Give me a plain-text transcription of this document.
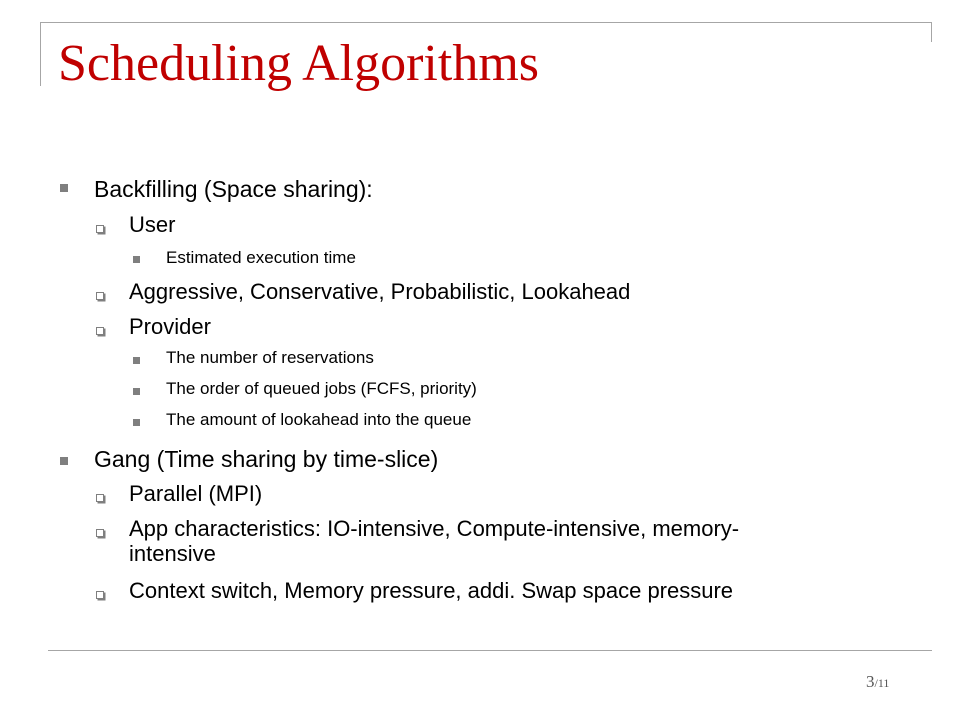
Scheduling Algorithms
Backfilling (Space sharing):
User
Estimated execution time
Aggressive, Conservative, Probabilistic, Lookahead
Provider
The number of reservations
The order of queued jobs (FCFS, priority)
The amount of lookahead into the queue
Gang (Time sharing by time-slice)
Parallel (MPI)
App characteristics: IO-intensive, Compute-intensive, memory-
intensive
Context switch, Memory pressure, addi. Swap space pressure
3/11
